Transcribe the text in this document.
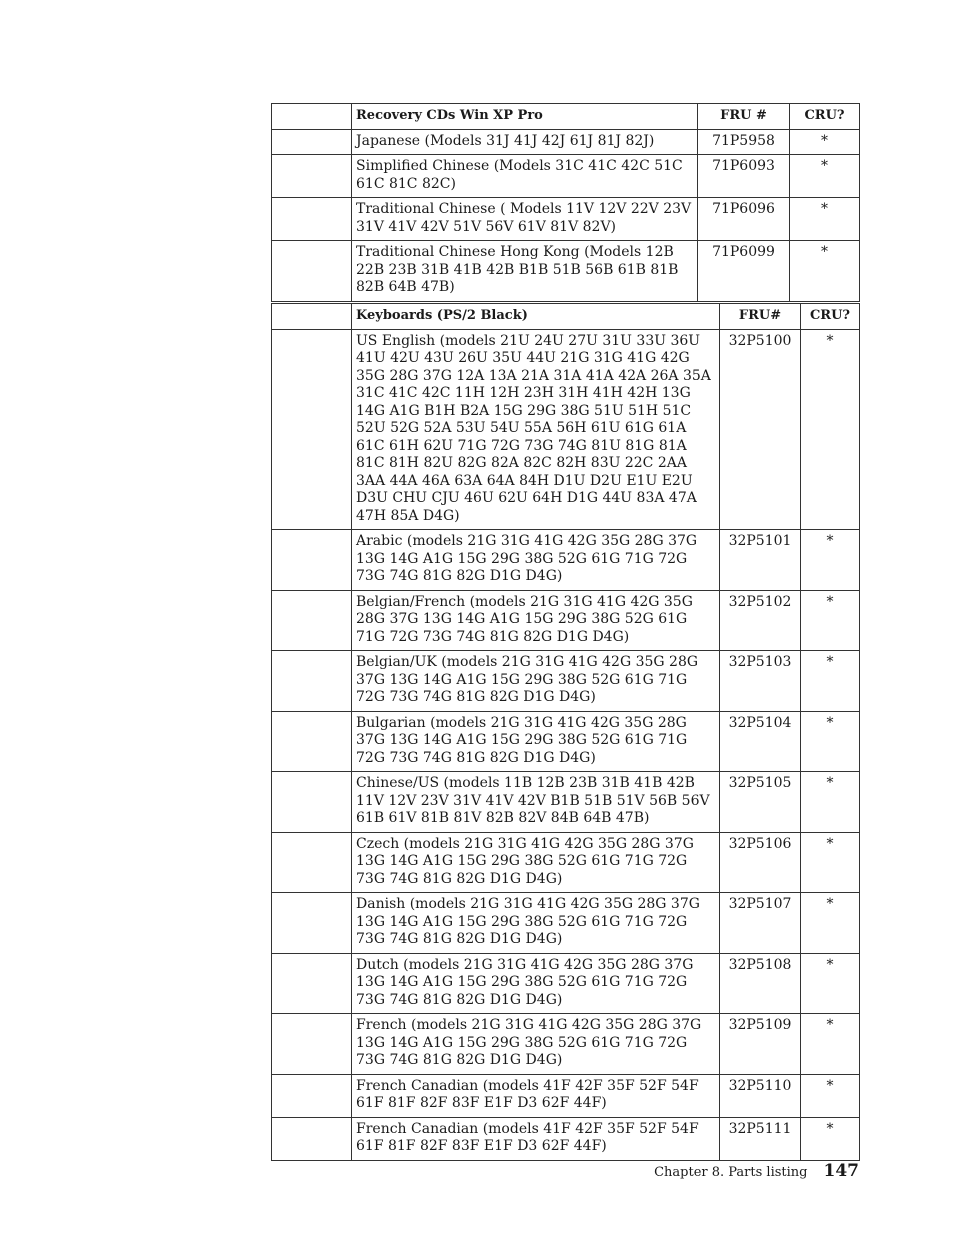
	Recovery CDs Win XP Pro	FRU #	CRU?
	Japanese (Models 31J 41J 42J 61J 81J 82J)	71P5958	*
	Simplified Chinese (Models 31C 41C 42C 51C 61C 81C 82C)	71P6093	*
	Traditional Chinese ( Models 11V 12V 22V 23V 31V 41V 42V 51V 56V 61V 81V 82V)	71P6096	*
	Traditional Chinese Hong Kong (Models 12B 22B 23B 31B 41B 42B B1B 51B 56B 61B 81B 82B 64B 47B)	71P6099	*
	Keyboards (PS/2 Black)	FRU#	CRU?
	US English (models 21U 24U 27U 31U 33U 36U 41U 42U 43U 26U 35U 44U 21G 31G 41G 42G 35G 28G 37G 12A 13A 21A 31A 41A 42A 26A 35A 31C 41C 42C 11H 12H 23H 31H 41H 42H 13G 14G A1G B1H B2A 15G 29G 38G 51U 51H 51C 52U 52G 52A 53U 54U 55A 56H 61U 61G 61A 61C 61H 62U 71G 72G 73G 74G 81U 81G 81A 81C 81H 82U 82G 82A 82C 82H 83U 22C 2AA 3AA 44A 46A 63A 64A 84H D1U D2U E1U E2U D3U CHU CJU 46U 62U 64H D1G 44U 83A 47A 47H 85A D4G)	32P5100	*
	Arabic (models 21G 31G 41G 42G 35G 28G 37G 13G 14G A1G 15G 29G 38G 52G 61G 71G 72G 73G 74G 81G 82G D1G D4G)	32P5101	*
	Belgian/French (models 21G 31G 41G 42G 35G 28G 37G 13G 14G A1G 15G 29G 38G 52G 61G 71G 72G 73G 74G 81G 82G D1G D4G)	32P5102	*
	Belgian/UK (models 21G 31G 41G 42G 35G 28G 37G 13G 14G A1G 15G 29G 38G 52G 61G 71G 72G 73G 74G 81G 82G D1G D4G)	32P5103	*
	Bulgarian (models 21G 31G 41G 42G 35G 28G 37G 13G 14G A1G 15G 29G 38G 52G 61G 71G 72G 73G 74G 81G 82G D1G D4G)	32P5104	*
	Chinese/US (models 11B 12B 23B 31B 41B 42B 11V 12V 23V 31V 41V 42V B1B 51B 51V 56B 56V 61B 61V 81B 81V 82B 82V 84B 64B 47B)	32P5105	*
	Czech (models 21G 31G 41G 42G 35G 28G 37G 13G 14G A1G 15G 29G 38G 52G 61G 71G 72G 73G 74G 81G 82G D1G D4G)	32P5106	*
	Danish (models 21G 31G 41G 42G 35G 28G 37G 13G 14G A1G 15G 29G 38G 52G 61G 71G 72G 73G 74G 81G 82G D1G D4G)	32P5107	*
	Dutch (models 21G 31G 41G 42G 35G 28G 37G 13G 14G A1G 15G 29G 38G 52G 61G 71G 72G 73G 74G 81G 82G D1G D4G)	32P5108	*
	French (models 21G 31G 41G 42G 35G 28G 37G 13G 14G A1G 15G 29G 38G 52G 61G 71G 72G 73G 74G 81G 82G D1G D4G)	32P5109	*
	French Canadian (models 41F 42F 35F 52F 54F 61F 81F 82F 83F E1F D3 62F 44F)	32P5110	*
	French Canadian (models 41F 42F 35F 52F 54F 61F 81F 82F 83F E1F D3 62F 44F)	32P5111	*
Chapter 8. Parts listing 147
